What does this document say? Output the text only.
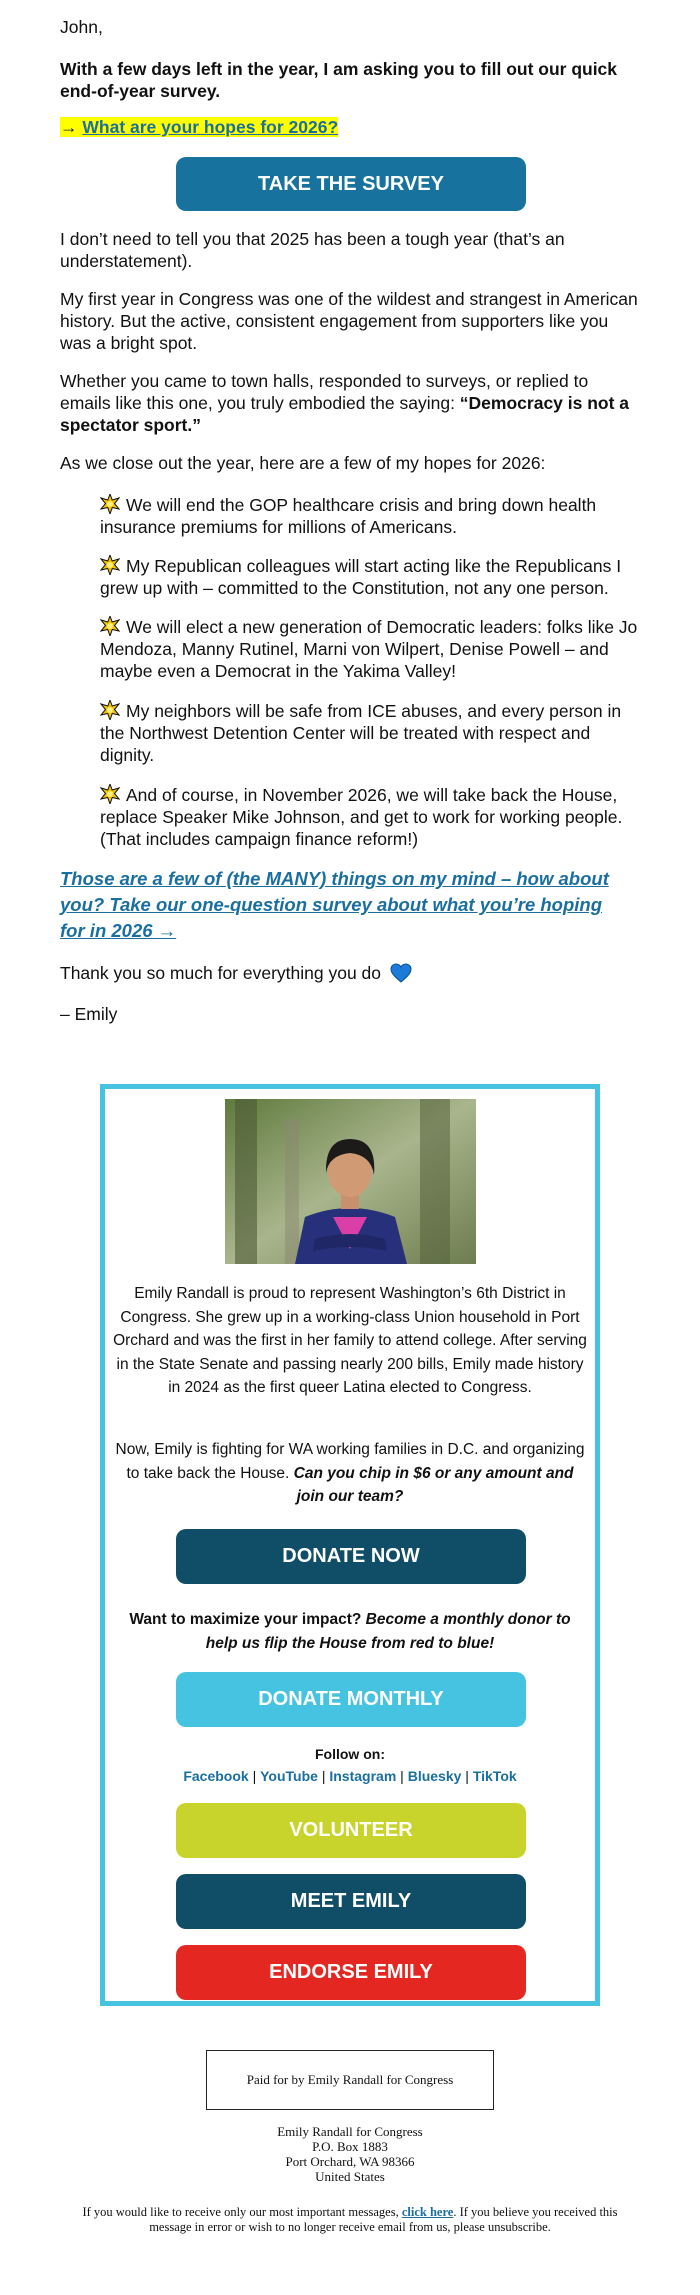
John,
With a few days left in the year, I am asking you to fill out our quick end-of-year survey.
→ What are your hopes for 2026?
TAKE THE SURVEY
I don’t need to tell you that 2025 has been a tough year (that’s an understatement).
My first year in Congress was one of the wildest and strangest in American history. But the active, consistent engagement from supporters like you was a bright spot.
Whether you came to town halls, responded to surveys, or replied to emails like this one, you truly embodied the saying: “Democracy is not a spectator sport.”
As we close out the year, here are a few of my hopes for 2026:
We will end the GOP healthcare crisis and bring down health insurance premiums for millions of Americans.
My Republican colleagues will start acting like the Republicans I grew up with – committed to the Constitution, not any one person.
We will elect a new generation of Democratic leaders: folks like Jo Mendoza, Manny Rutinel, Marni von Wilpert, Denise Powell – and maybe even a Democrat in the Yakima Valley!
My neighbors will be safe from ICE abuses, and every person in the Northwest Detention Center will be treated with respect and dignity.
And of course, in November 2026, we will take back the House, replace Speaker Mike Johnson, and get to work for working people. (That includes campaign finance reform!)
Those are a few of (the MANY) things on my mind – how about you? Take our one-question survey about what you’re hoping for in 2026 →
Thank you so much for everything you do
– Emily
Emily Randall is proud to represent Washington’s 6th District in Congress. She grew up in a working-class Union household in Port Orchard and was the first in her family to attend college. After serving in the State Senate and passing nearly 200 bills, Emily made history in 2024 as the first queer Latina elected to Congress.
Now, Emily is fighting for WA working families in D.C. and organizing to take back the House. Can you chip in $6 or any amount and join our team?
DONATE NOW
Want to maximize your impact? Become a monthly donor to help us flip the House from red to blue!
DONATE MONTHLY
Follow on:
Facebook | YouTube | Instagram | Bluesky | TikTok
VOLUNTEER
MEET EMILY
ENDORSE EMILY
Paid for by Emily Randall for Congress
Emily Randall for Congress
P.O. Box 1883
Port Orchard, WA 98366
United States
If you would like to receive only our most important messages, click here. If you believe you received this message in error or wish to no longer receive email from us, please unsubscribe.
